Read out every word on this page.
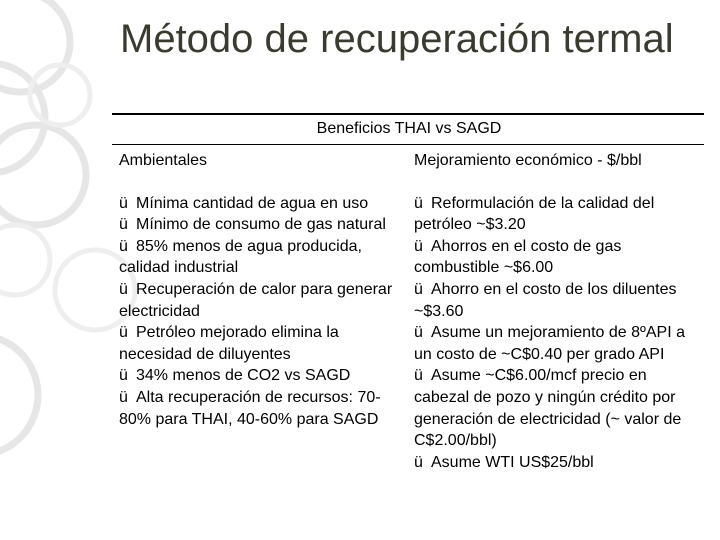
Método de recuperación termal
Beneficios THAI vs SAGD
Ambientales
ü Mínima cantidad de agua en uso
ü Mínimo de consumo de gas natural
ü 85% menos de agua producida, calidad industrial
ü Recuperación de calor para generar electricidad
ü Petróleo mejorado elimina la necesidad de diluyentes
ü 34% menos de CO2 vs SAGD
ü Alta recuperación de recursos: 70-80% para THAI, 40-60% para SAGD
Mejoramiento económico - $/bbl
ü Reformulación de la calidad del petróleo ~$3.20
ü Ahorros en el costo de gas combustible ~$6.00
ü Ahorro en el costo de los diluentes ~$3.60
ü Asume un mejoramiento de 8ºAPI a un costo de ~C$0.40 per grado API
ü Asume ~C$6.00/mcf precio en cabezal de pozo y ningún crédito por generación de electricidad (~ valor de C$2.00/bbl)
ü Asume WTI US$25/bbl
